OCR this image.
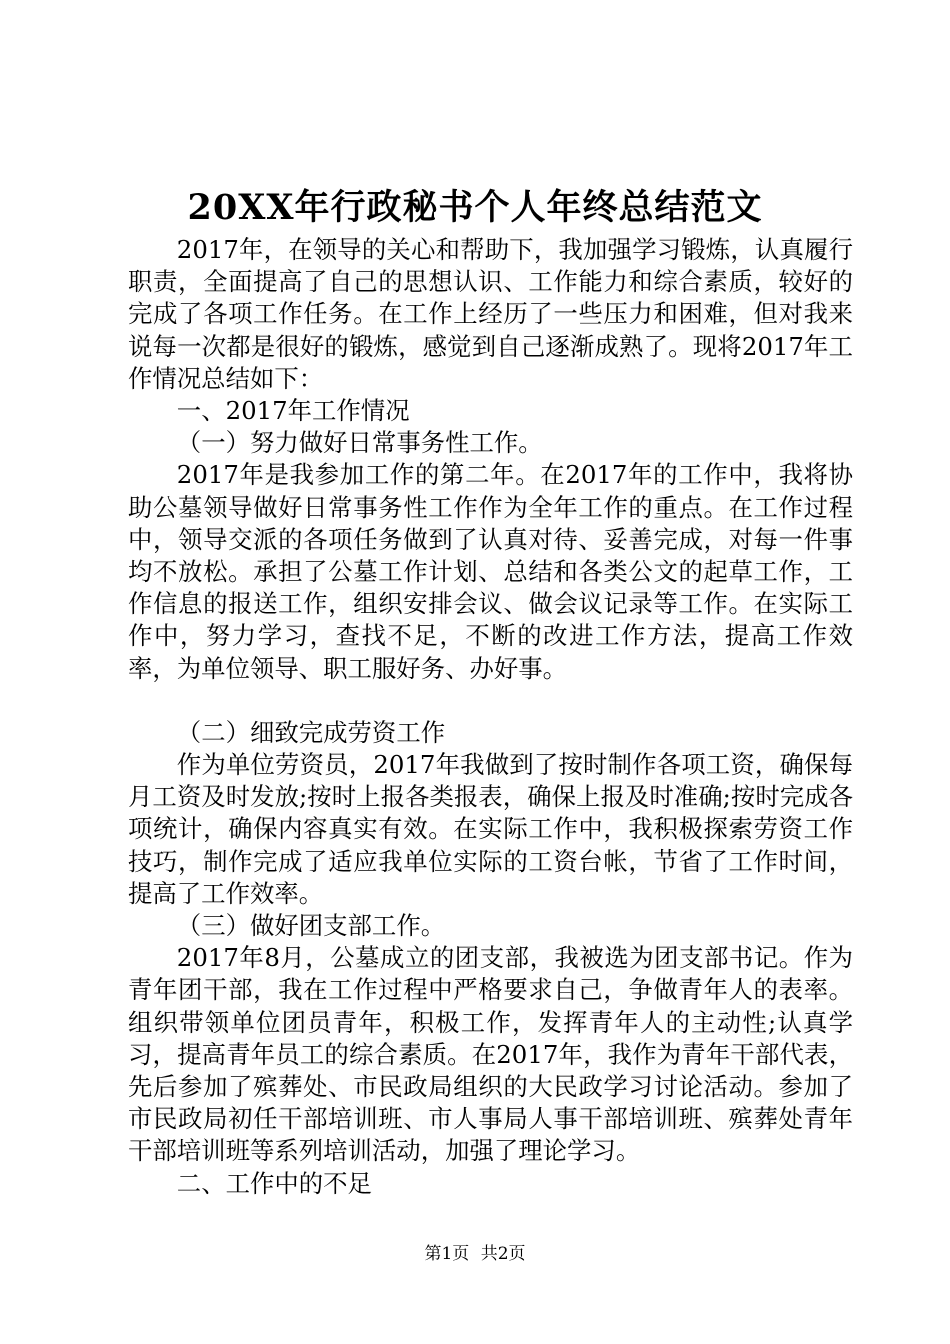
20XX年行政秘书个人年终总结范文

2017年，在领导的关心和帮助下，我加强学习锻炼，认真履行职责，全面提高了自己的思想认识、工作能力和综合素质，较好的完成了各项工作任务。在工作上经历了一些压力和困难，但对我来说每一次都是很好的锻炼，感觉到自己逐渐成熟了。现将2017年工作情况总结如下：

一、2017年工作情况

（一）努力做好日常事务性工作。

2017年是我参加工作的第二年。在2017年的工作中，我将协助公墓领导做好日常事务性工作作为全年工作的重点。在工作过程中，领导交派的各项任务做到了认真对待、妥善完成，对每一件事均不放松。承担了公墓工作计划、总结和各类公文的起草工作，工作信息的报送工作，组织安排会议、做会议记录等工作。在实际工作中，努力学习，查找不足，不断的改进工作方法，提高工作效率，为单位领导、职工服好务、办好事。

（二）细致完成劳资工作

作为单位劳资员，2017年我做到了按时制作各项工资，确保每月工资及时发放;按时上报各类报表，确保上报及时准确;按时完成各项统计，确保内容真实有效。在实际工作中，我积极探索劳资工作技巧，制作完成了适应我单位实际的工资台帐，节省了工作时间，提高了工作效率。

（三）做好团支部工作。

2017年8月，公墓成立的团支部，我被选为团支部书记。作为青年团干部，我在工作过程中严格要求自己，争做青年人的表率。组织带领单位团员青年，积极工作，发挥青年人的主动性;认真学习，提高青年员工的综合素质。在2017年，我作为青年干部代表，先后参加了殡葬处、市民政局组织的大民政学习讨论活动。参加了市民政局初任干部培训班、市人事局人事干部培训班、殡葬处青年干部培训班等系列培训活动，加强了理论学习。

二、工作中的不足

第1页 共2页
